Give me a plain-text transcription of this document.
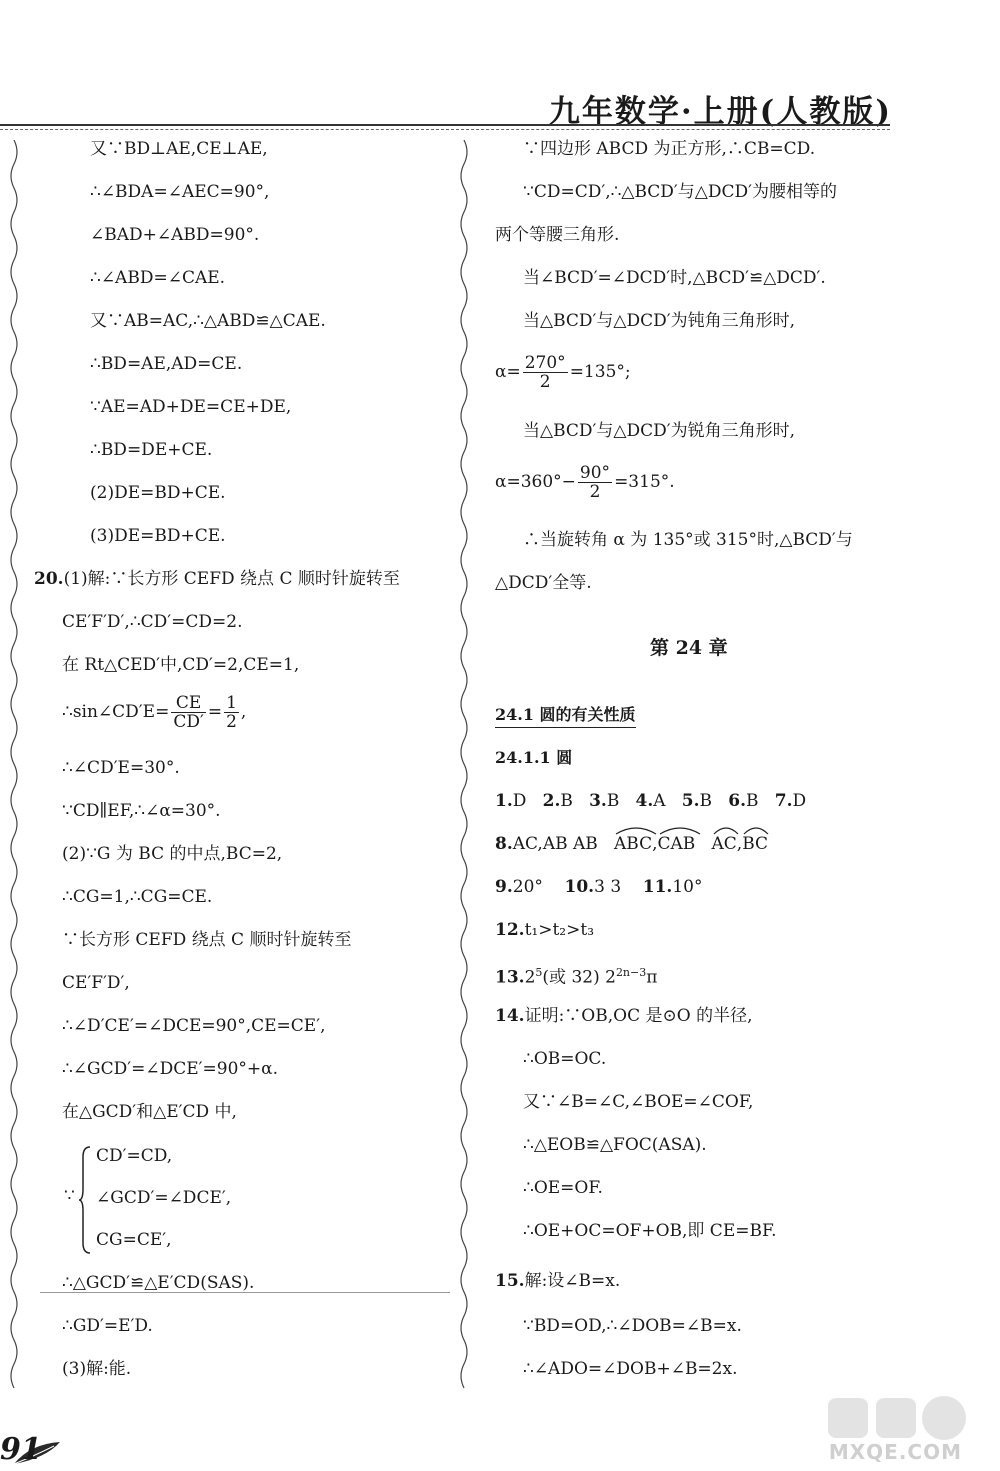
九年数学·上册(人教版)
又∵BD⊥AE,CE⊥AE,
∴∠BDA=∠AEC=90°,
∠BAD+∠ABD=90°.
∴∠ABD=∠CAE.
又∵AB=AC,∴△ABD≌△CAE.
∴BD=AE,AD=CE.
∵AE=AD+DE=CE+DE,
∴BD=DE+CE.
(2)DE=BD+CE.
(3)DE=BD+CE.
20.(1)解:∵长方形 CEFD 绕点 C 顺时针旋转至
CE′F′D′,∴CD′=CD=2.
在 Rt△CED′中,CD′=2,CE=1,
∴sin∠CD′E= $\frac{CE}{CD'} = \frac{1}{2}$ ,
∴∠CD′E=30°.
∵CD∥EF,∴∠α=30°.
(2)∵G 为 BC 的中点,BC=2,
∴CG=1,∴CG=CE.
∵长方形 CEFD 绕点 C 顺时针旋转至
CE′F′D′,
∴∠D′CE′=∠DCE=90°,CE=CE′,
∴∠GCD′=∠DCE′=90°+α.
在△GCD′和△E′CD 中,
∵
CD′=CD,
∠GCD′=∠DCE′,
CG=CE′,
∴△GCD′≌△E′CD(SAS).
∴GD′=E′D.
(3)解:能.
∵四边形 ABCD 为正方形,∴CB=CD.
∵CD=CD′,∴△BCD′与△DCD′为腰相等的
两个等腰三角形.
当∠BCD′=∠DCD′时,△BCD′≌△DCD′.
当△BCD′与△DCD′为钝角三角形时,
$\alpha= \frac{270^\circ}{2} =135^\circ$;
当△BCD′与△DCD′为锐角三角形时,
$\alpha=360^\circ- \frac{90^\circ}{2} =315^\circ$.
∴当旋转角 α 为 135°或 315°时,△BCD′与
△DCD′全等.
第 24 章
24.1 圆的有关性质
24.1.1 圆
1.D 2.B 3.B 4.A 5.B 6.B 7.D
8.AC,AB AB ABC,
CAB AC,
BC
9.20° 10.3 3 11.10°
12.t₁>t₂>t₃
13.2$^5$(或 32) $2^{2n-3}\pi$
14.证明:∵OB,OC 是⊙O 的半径,
∴OB=OC.
又∵∠B=∠C,∠BOE=∠COF,
∴△EOB≌△FOC(ASA).
∴OE=OF.
∴OE+OC=OF+OB,即 CE=BF.
15.解:设∠B=x.
∵BD=OD,∴∠DOB=∠B=x.
∴∠ADO=∠DOB+∠B=2x.
91	MXQE.COM
